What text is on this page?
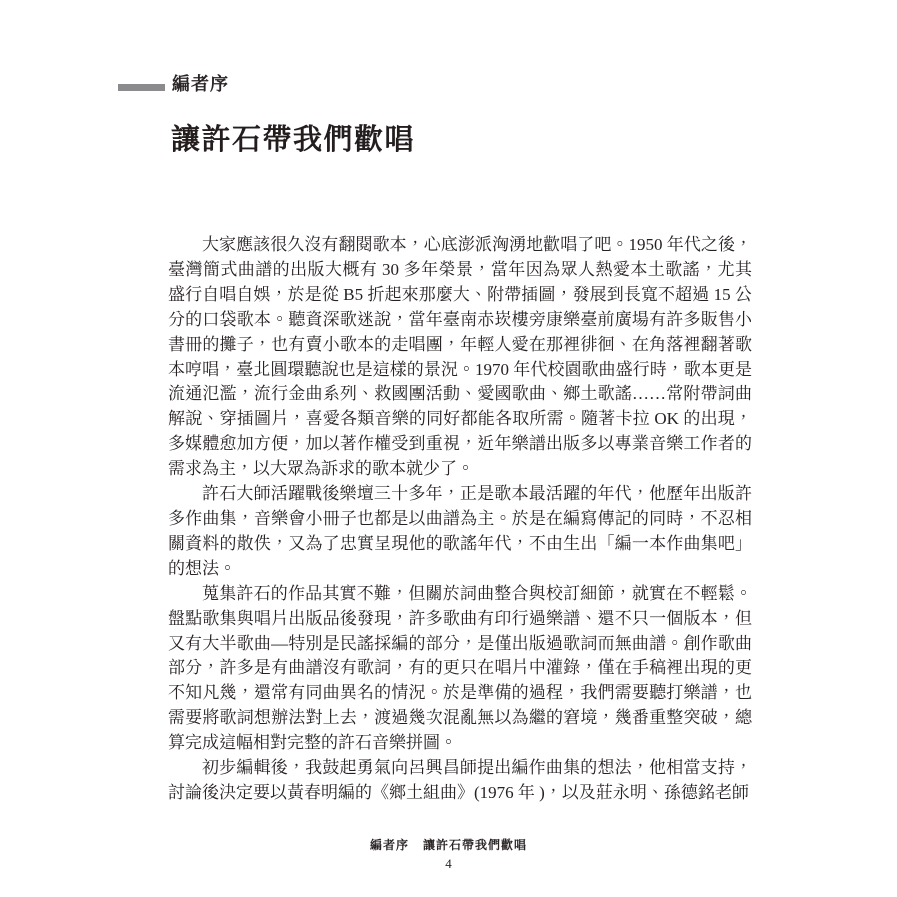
編者序
讓許石帶我們歡唱

大家應該很久沒有翻閱歌本，心底澎派洶湧地歡唱了吧。1950 年代之後，臺灣簡式曲譜的出版大概有 30 多年榮景，當年因為眾人熱愛本土歌謠，尤其盛行自唱自娛，於是從 B5 折起來那麼大、附帶插圖，發展到長寬不超過 15 公分的口袋歌本。聽資深歌迷說，當年臺南赤崁樓旁康樂臺前廣場有許多販售小書冊的攤子，也有賣小歌本的走唱團，年輕人愛在那裡徘徊、在角落裡翻著歌本哼唱，臺北圓環聽說也是這樣的景況。1970 年代校園歌曲盛行時，歌本更是流通氾濫，流行金曲系列、救國團活動、愛國歌曲、鄉土歌謠……常附帶詞曲解說、穿插圖片，喜愛各類音樂的同好都能各取所需。隨著卡拉 OK 的出現，多媒體愈加方便，加以著作權受到重視，近年樂譜出版多以專業音樂工作者的需求為主，以大眾為訴求的歌本就少了。

許石大師活躍戰後樂壇三十多年，正是歌本最活躍的年代，他歷年出版許多作曲集，音樂會小冊子也都是以曲譜為主。於是在編寫傳記的同時，不忍相關資料的散佚，又為了忠實呈現他的歌謠年代，不由生出「編一本作曲集吧」的想法。

蒐集許石的作品其實不難，但關於詞曲整合與校訂細節，就實在不輕鬆。盤點歌集與唱片出版品後發現，許多歌曲有印行過樂譜、還不只一個版本，但又有大半歌曲—特別是民謠採編的部分，是僅出版過歌詞而無曲譜。創作歌曲部分，許多是有曲譜沒有歌詞，有的更只在唱片中灌錄，僅在手稿裡出現的更不知凡幾，還常有同曲異名的情況。於是準備的過程，我們需要聽打樂譜，也需要將歌詞想辦法對上去，渡過幾次混亂無以為繼的窘境，幾番重整突破，總算完成這幅相對完整的許石音樂拼圖。

初步編輯後，我鼓起勇氣向呂興昌師提出編作曲集的想法，他相當支持，討論後決定要以黃春明編的《鄉土組曲》(1976 年 )，以及莊永明、孫德銘老師

編者序 讓許石帶我們歡唱
4
